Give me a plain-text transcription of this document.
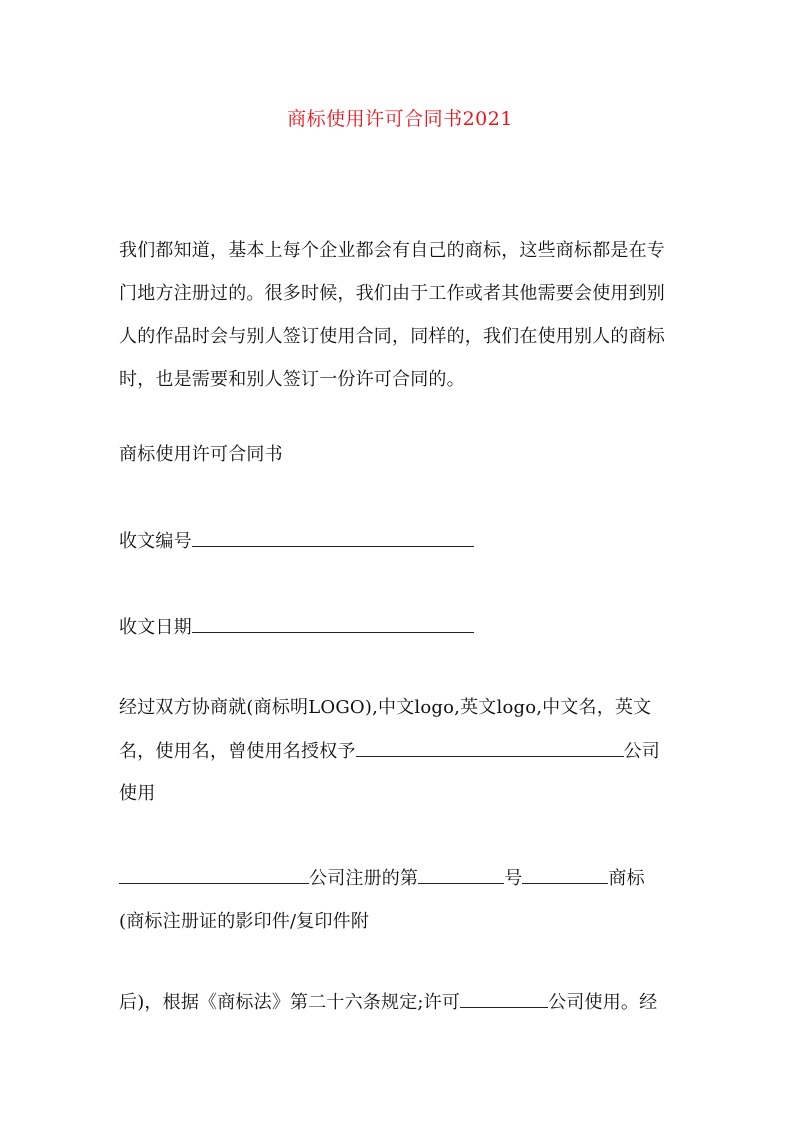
商标使用许可合同书2021
我们都知道，基本上每个企业都会有自己的商标，这些商标都是在专
门地方注册过的。很多时候，我们由于工作或者其他需要会使用到别
人的作品时会与别人签订使用合同，同样的，我们在使用别人的商标
时，也是需要和别人签订一份许可合同的。
商标使用许可合同书
收文编号
收文日期
经过双方协商就(商标明LOGO),中文logo,英文logo,中文名，英文
名，使用名，曾使用名授权予	公司
使用
公司注册的第	号	商标
(商标注册证的影印件/复印件附
后)，根据《商标法》第二十六条规定;许可	公司使用。经
